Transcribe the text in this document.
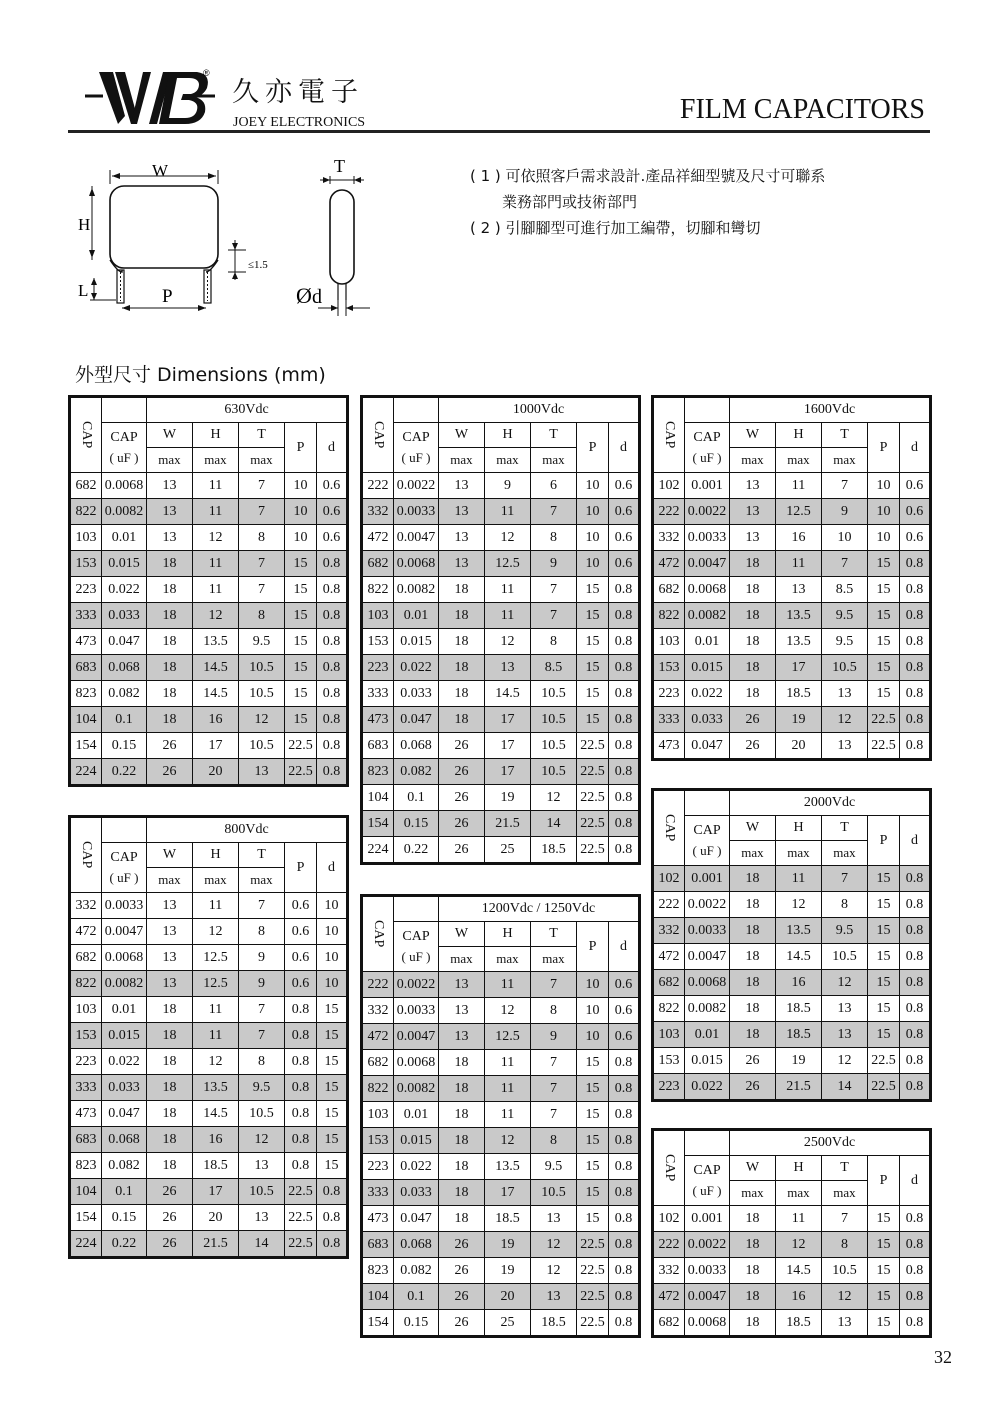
®
久亦電子
JOEY ELECTRONICS	FILM CAPACITORS
W
H
L	P
≤1.5
T
Ø d
( 1 ) 可依照客戶需求設計.產品祥細型號及尺寸可聯系
業務部門或技術部門
( 2 ) 引腳腳型可進行加工編帶，切腳和彎切
外型尺寸 Dimensions (mm)
CAP		630Vdc				

	CAP
( uF )	W	H	T	P	d
		max	max	max		
682	0.0068	13	11	7	10	0.6
822	0.0082	13	11	7	10	0.6
103	0.01	13	12	8	10	0.6
153	0.015	18	11	7	15	0.8
223	0.022	18	11	7	15	0.8
333	0.033	18	12	8	15	0.8
473	0.047	18	13.5	9.5	15	0.8
683	0.068	18	14.5	10.5	15	0.8
823	0.082	18	14.5	10.5	15	0.8
104	0.1	18	16	12	15	0.8
154	0.15	26	17	10.5	22.5	0.8
224	0.22	26	20	13	22.5	0.8
CAP		800Vdc				

	CAP
( uF )	W	H	T	P	d
		max	max	max		
332	0.0033	13	11	7	0.6	10
472	0.0047	13	12	8	0.6	10
682	0.0068	13	12.5	9	0.6	10
822	0.0082	13	12.5	9	0.6	10
103	0.01	18	11	7	0.8	15
153	0.015	18	11	7	0.8	15
223	0.022	18	12	8	0.8	15
333	0.033	18	13.5	9.5	0.8	15
473	0.047	18	14.5	10.5	0.8	15
683	0.068	18	16	12	0.8	15
823	0.082	18	18.5	13	0.8	15
104	0.1	26	17	10.5	22.5	0.8
154	0.15	26	20	13	22.5	0.8
224	0.22	26	21.5	14	22.5	0.8
CAP		1000Vdc				

	CAP
( uF )	W	H	T	P	d
		max	max	max		
222	0.0022	13	9	6	10	0.6
332	0.0033	13	11	7	10	0.6
472	0.0047	13	12	8	10	0.6
682	0.0068	13	12.5	9	10	0.6
822	0.0082	18	11	7	15	0.8
103	0.01	18	11	7	15	0.8
153	0.015	18	12	8	15	0.8
223	0.022	18	13	8.5	15	0.8
333	0.033	18	14.5	10.5	15	0.8
473	0.047	18	17	10.5	15	0.8
683	0.068	26	17	10.5	22.5	0.8
823	0.082	26	17	10.5	22.5	0.8
104	0.1	26	19	12	22.5	0.8
154	0.15	26	21.5	14	22.5	0.8
224	0.22	26	25	18.5	22.5	0.8
CAP		1200Vdc / 1250Vdc				

	CAP
( uF )	W	H	T	P	d
		max	max	max		
222	0.0022	13	11	7	10	0.6
332	0.0033	13	12	8	10	0.6
472	0.0047	13	12.5	9	10	0.6
682	0.0068	18	11	7	15	0.8
822	0.0082	18	11	7	15	0.8
103	0.01	18	11	7	15	0.8
153	0.015	18	12	8	15	0.8
223	0.022	18	13.5	9.5	15	0.8
333	0.033	18	17	10.5	15	0.8
473	0.047	18	18.5	13	15	0.8
683	0.068	26	19	12	22.5	0.8
823	0.082	26	19	12	22.5	0.8
104	0.1	26	20	13	22.5	0.8
154	0.15	26	25	18.5	22.5	0.8
CAP		1600Vdc				

	CAP
( uF )	W	H	T	P	d
		max	max	max		
102	0.001	13	11	7	10	0.6
222	0.0022	13	12.5	9	10	0.6
332	0.0033	13	16	10	10	0.6
472	0.0047	18	11	7	15	0.8
682	0.0068	18	13	8.5	15	0.8
822	0.0082	18	13.5	9.5	15	0.8
103	0.01	18	13.5	9.5	15	0.8
153	0.015	18	17	10.5	15	0.8
223	0.022	18	18.5	13	15	0.8
333	0.033	26	19	12	22.5	0.8
473	0.047	26	20	13	22.5	0.8
CAP		2000Vdc				

	CAP
( uF )	W	H	T	P	d
		max	max	max		
102	0.001	18	11	7	15	0.8
222	0.0022	18	12	8	15	0.8
332	0.0033	18	13.5	9.5	15	0.8
472	0.0047	18	14.5	10.5	15	0.8
682	0.0068	18	16	12	15	0.8
822	0.0082	18	18.5	13	15	0.8
103	0.01	18	18.5	13	15	0.8
153	0.015	26	19	12	22.5	0.8
223	0.022	26	21.5	14	22.5	0.8
CAP		2500Vdc				

	CAP
( uF )	W	H	T	P	d
		max	max	max		
102	0.001	18	11	7	15	0.8
222	0.0022	18	12	8	15	0.8
332	0.0033	18	14.5	10.5	15	0.8
472	0.0047	18	16	12	15	0.8
682	0.0068	18	18.5	13	15	0.8
32
